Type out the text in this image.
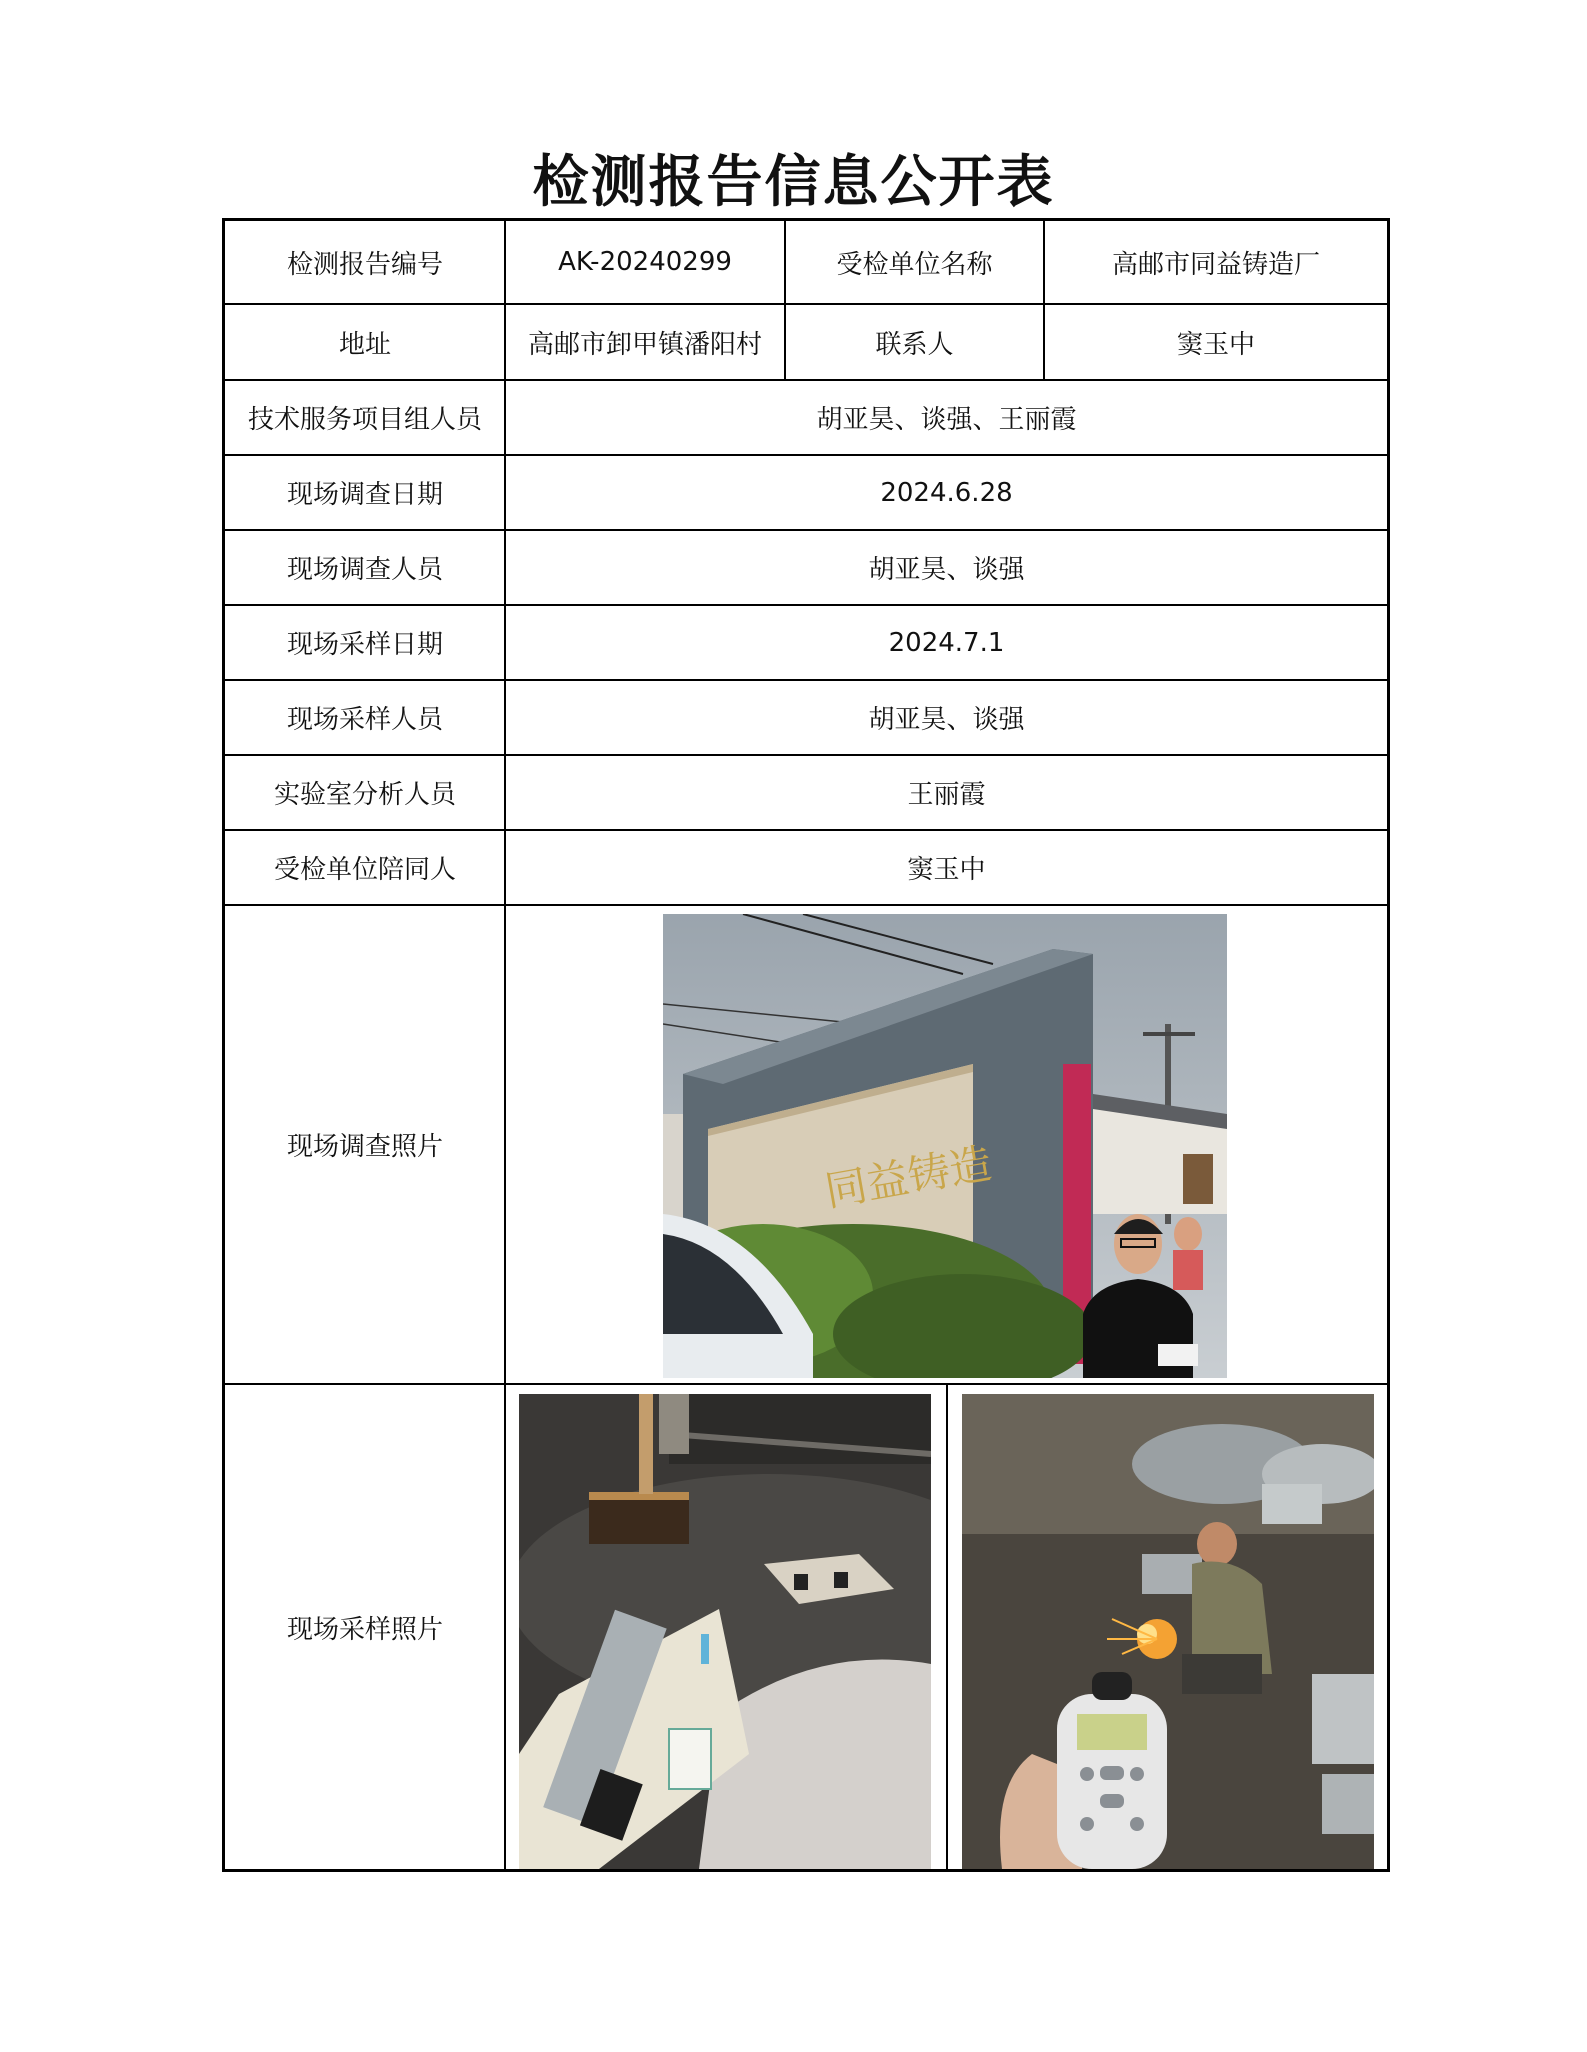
检测报告信息公开表
检测报告编号	AK-20240299	受检单位名称	高邮市同益铸造厂
地址	高邮市卸甲镇潘阳村	联系人	窦玉中
技术服务项目组人员	胡亚昊、谈强、王丽霞
现场调查日期	2024.6.28
现场调查人员	胡亚昊、谈强
现场采样日期	2024.7.1
现场采样人员	胡亚昊、谈强
实验室分析人员	王丽霞
受检单位陪同人	窦玉中
现场调查照片	同益铸造
现场采样照片
